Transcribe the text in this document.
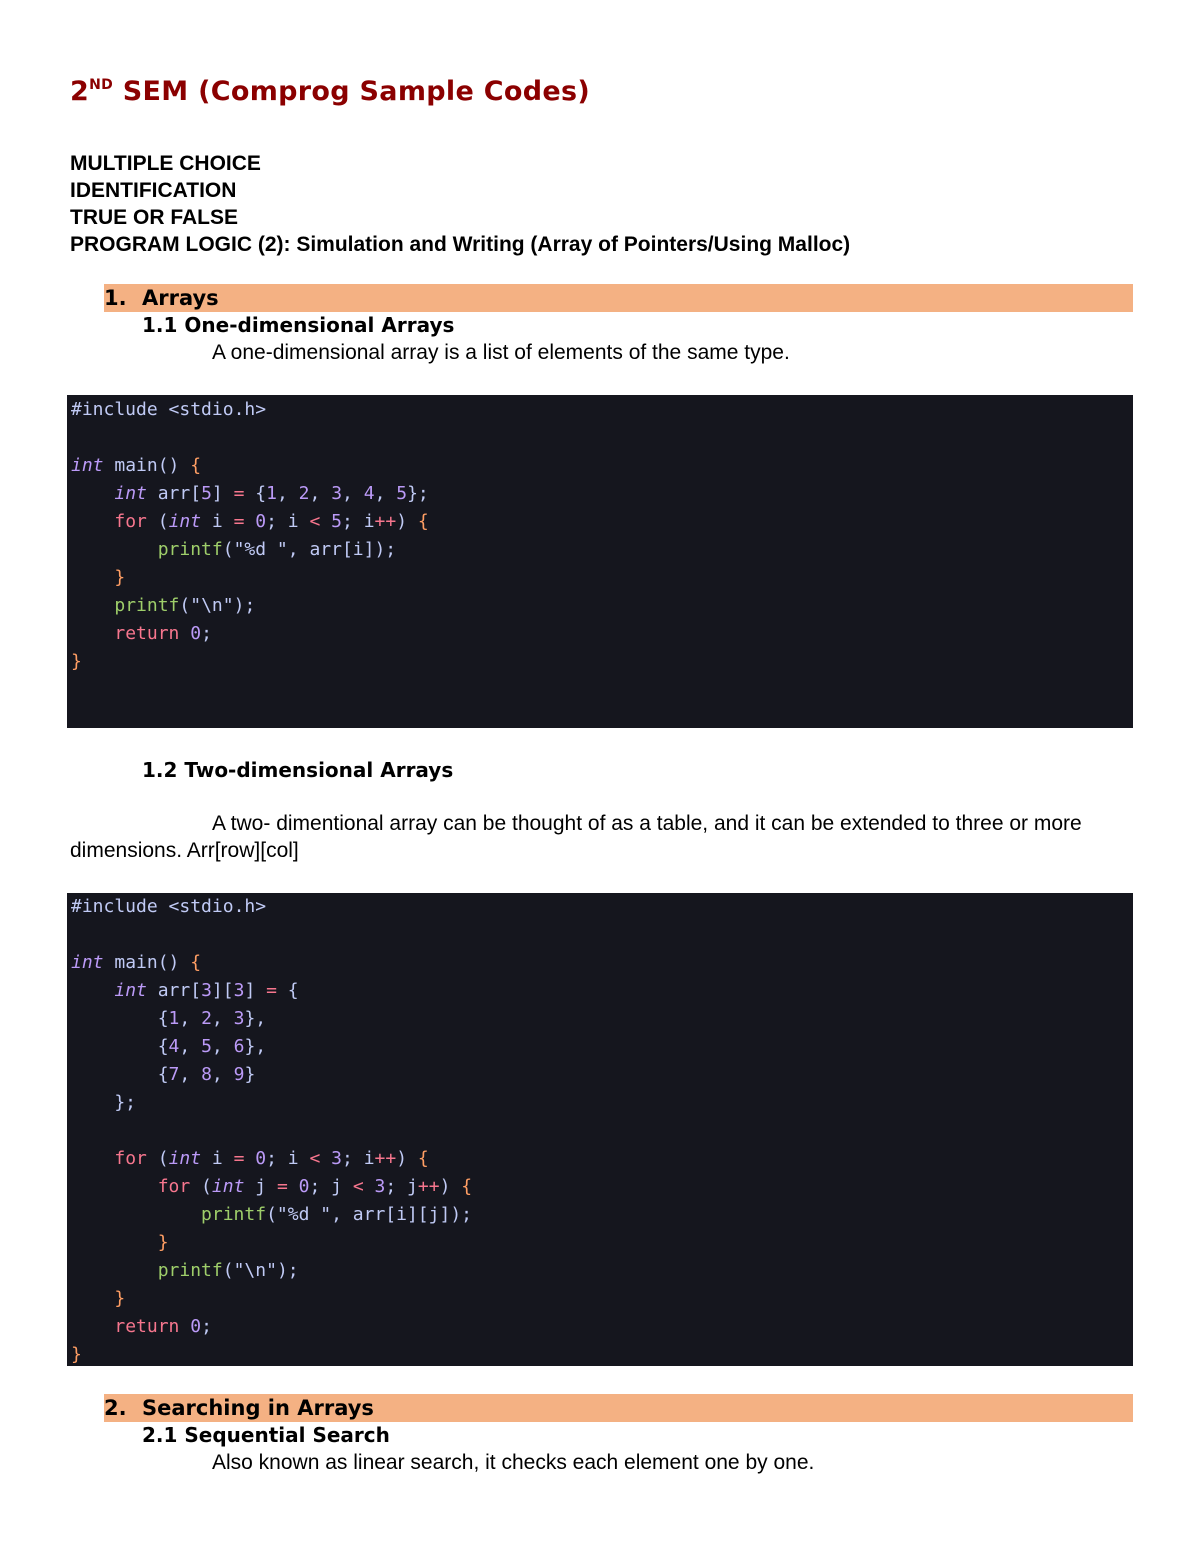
2ND SEM (Comprog Sample Codes)
MULTIPLE CHOICE
IDENTIFICATION
TRUE OR FALSE
PROGRAM LOGIC (2): Simulation and Writing (Array of Pointers/Using Malloc)
1. Arrays
1.1 One-dimensional Arrays

A one-dimensional array is a list of elements of the same type.

#include <stdio.h>

int main() {
int arr[5] = {1, 2, 3, 4, 5};
for (int i = 0; i < 5; i++) {
printf("%d ", arr[i]);
}
printf("\n");
return 0;
}

1.2 Two-dimensional Arrays

A two- dimentional array can be thought of as a table, and it can be extended to three or more dimensions. Arr[row][col]

#include <stdio.h>

int main() {
int arr[3][3] = {
{1, 2, 3},
{4, 5, 6},
{7, 8, 9}
};

for (int i = 0; i < 3; i++) {
for (int j = 0; j < 3; j++) {
printf("%d ", arr[i][j]);
}
printf("\n");
}
return 0;
}
2. Searching in Arrays
2.1 Sequential Search

Also known as linear search, it checks each element one by one.
